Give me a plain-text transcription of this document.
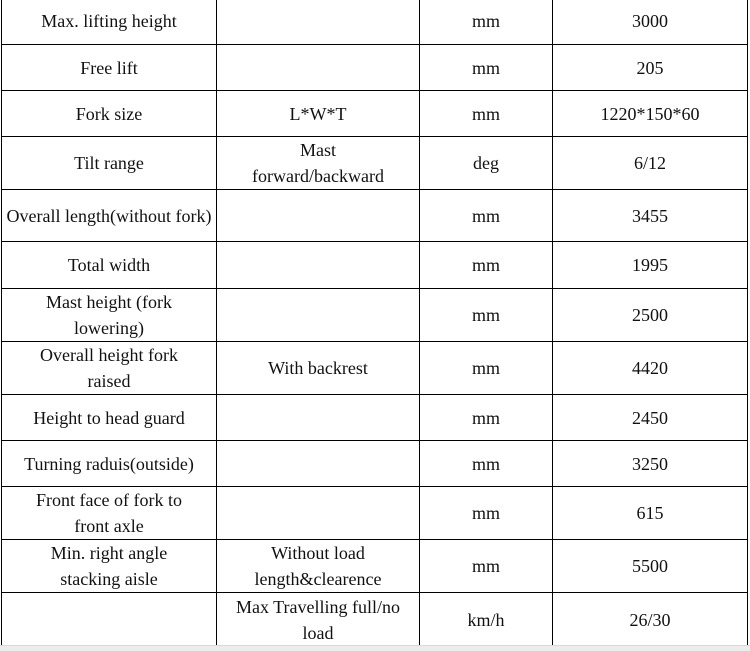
Max. lifting height		mm	3000
Free lift		mm	205
Fork size	L*W*T	mm	1220*150*60
Tilt range	Mast forward/backward	deg	6/12
Overall length(without fork)		mm	3455
Total width		mm	1995
Mast height (fork lowering)		mm	2500
Overall height fork raised	With backrest	mm	4420
Height to head guard		mm	2450
Turning raduis(outside)		mm	3250
Front face of fork to front axle		mm	615
Min. right angle stacking aisle	Without load length&clearence	mm	5500
	Max Travelling full/no load	km/h	26/30
